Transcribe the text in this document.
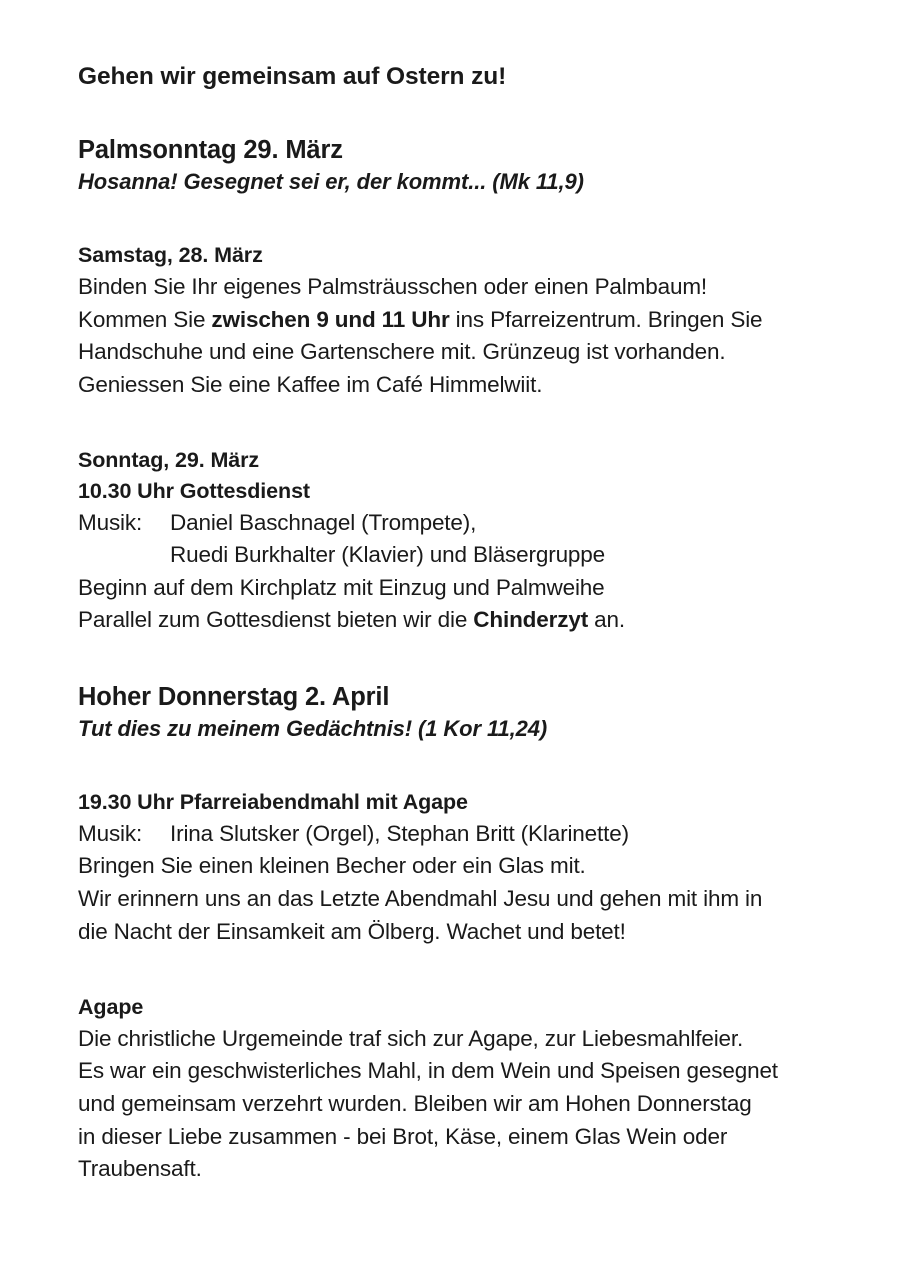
Gehen wir gemeinsam auf Ostern zu!
Palmsonntag 29. März

Hosanna! Gesegnet sei er, der kommt... (Mk 11,9)

Samstag, 28. März

Binden Sie Ihr eigenes Palmsträusschen oder einen Palmbaum!

Kommen Sie zwischen 9 und 11 Uhr ins Pfarreizentrum. Bringen Sie

Handschuhe und eine Gartenschere mit. Grünzeug ist vorhanden.

Geniessen Sie eine Kaffee im Café Himmelwiit.

Sonntag, 29. März
10.30 Uhr Gottesdienst
Musik:	Daniel Baschnagel (Trompete),

Ruedi Burkhalter (Klavier) und Bläsergruppe

Beginn auf dem Kirchplatz mit Einzug und Palmweihe

Parallel zum Gottesdienst bieten wir die Chinderzyt an.

Hoher Donnerstag 2. April

Tut dies zu meinem Gedächtnis! (1 Kor 11,24)

19.30 Uhr Pfarreiabendmahl mit Agape
Musik:	Irina Slutsker (Orgel), Stephan Britt (Klarinette)

Bringen Sie einen kleinen Becher oder ein Glas mit.

Wir erinnern uns an das Letzte Abendmahl Jesu und gehen mit ihm in

die Nacht der Einsamkeit am Ölberg. Wachet und betet!

Agape

Die christliche Urgemeinde traf sich zur Agape, zur Liebesmahlfeier.

Es war ein geschwisterliches Mahl, in dem Wein und Speisen gesegnet

und gemeinsam verzehrt wurden. Bleiben wir am Hohen Donnerstag

in dieser Liebe zusammen - bei Brot, Käse, einem Glas Wein oder

Traubensaft.
